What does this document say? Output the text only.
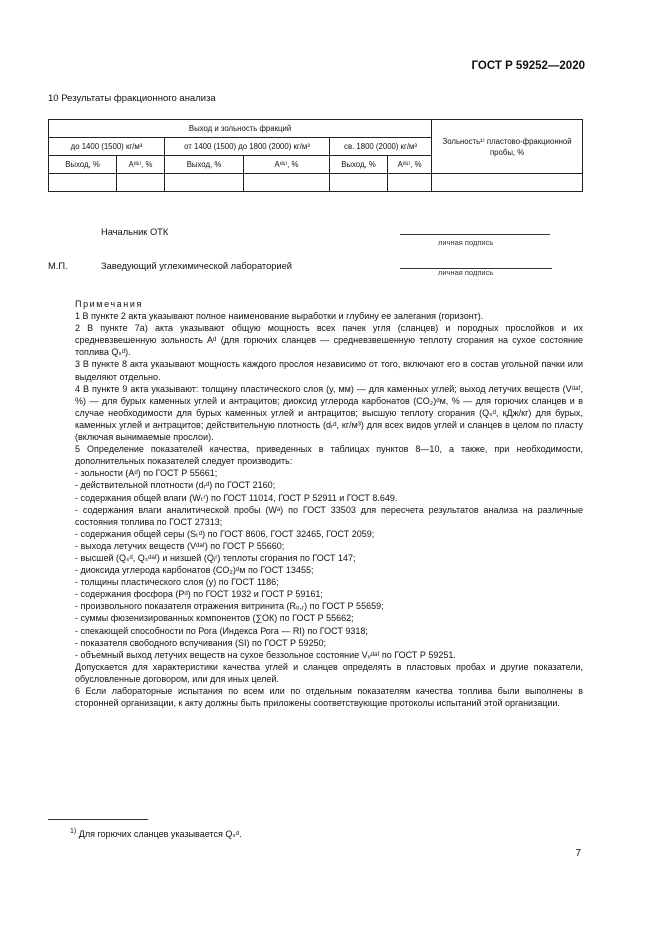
ГОСТ Р 59252—2020
10 Результаты фракционного анализа
Выход и зольность фракций						Зольность¹⁾ пластово-фракционной пробы, %
до 1400 (1500) кг/м³		от 1400 (1500) до 1800 (2000) кг/м³		св. 1800 (2000) кг/м³		
Выход, %	Aᵈ¹⁾, %	Выход, %	Aᵈ¹⁾, %	Выход, %	Aᵈ¹⁾, %	

Начальник ОТК
личная подпись
М.П.	Заведующий углехимической лабораторией
личная подпись

Примечания

1 В пункте 2 акта указывают полное наименование выработки и глубину ее залегания (горизонт).

2 В пункте 7а) акта указывают общую мощность всех пачек угля (сланцев) и породных прослойков и их средневзвешенную зольность Aᵈ (для горючих сланцев — средневзвешенную теплоту сгорания на сухое состояние топлива Qₛᵈ).

3 В пункте 8 акта указывают мощность каждого прослоя независимо от того, включают его в состав угольной пачки или выделяют отдельно.

4 В пункте 9 акта указывают: толщину пластического слоя (y, мм) — для каменных углей; выход летучих веществ (Vᵈᵃᶠ, %) — для бурых каменных углей и антрацитов; диоксид углерода карбонатов (CO₂)ᵈм, % — для горючих сланцев и в случае необходимости для бурых каменных углей и антрацитов; высшую теплоту сгорания (Qₛᵈ, кДж/кг) для бурых, каменных углей и антрацитов; действительную плотность (dᵣᵈ, кг/м³) для всех видов углей и сланцев в целом по пласту (включая вынимаемые прослои).

5 Определение показателей качества, приведенных в таблицах пунктов 8—10, а также, при необходимости, дополнительных показателей следует производить:

- зольности (Aᵈ) по ГОСТ Р 55661;

- действительной плотности (dᵣᵈ) по ГОСТ 2160;

- содержания общей влаги (Wₜʳ) по ГОСТ 11014, ГОСТ Р 52911 и ГОСТ 8.649.

- содержания влаги аналитической пробы (Wᵃ) по ГОСТ 33503 для пересчета результатов анализа на различные состояния топлива по ГОСТ 27313;

- содержания общей серы (Sₜᵈ) по ГОСТ 8606, ГОСТ 32465, ГОСТ 2059;

- выхода летучих веществ (Vᵈᵃᶠ) по ГОСТ Р 55660;

- высшей (Qₛᵈ, Qₛᵈᵃᶠ) и низшей (Qᵢʳ) теплоты сгорания по ГОСТ 147;

- диоксида углерода карбонатов (CO₂)ᵈм по ГОСТ 13455;

- толщины пластического слоя (y) по ГОСТ 1186;

- содержания фосфора (Pᵈ) по ГОСТ 1932 и ГОСТ Р 59161;

- произвольного показателя отражения витринита (Rₒ,ᵣ) по ГОСТ Р 55659;

- суммы фюзенизированных компонентов (∑ОК) по ГОСТ Р 55662;

- спекающей способности по Рога (Индекса Рога — RI) по ГОСТ 9318;

- показателя свободного вспучивания (SI) по ГОСТ Р 59250;

- объемный выход летучих веществ на сухое беззольное состояние Vᵥᵈᵃᶠ по ГОСТ Р 59251.

Допускается для характеристики качества углей и сланцев определять в пластовых пробах и другие показатели, обусловленные договором, или для иных целей.

6 Если лабораторные испытания по всем или по отдельным показателям качества топлива были выполнены в сторонней организации, к акту должны быть приложены соответствующие протоколы испытаний этой организации.

$^{1)}$ Для горючих сланцев указывается Qₛᵈ.
7
